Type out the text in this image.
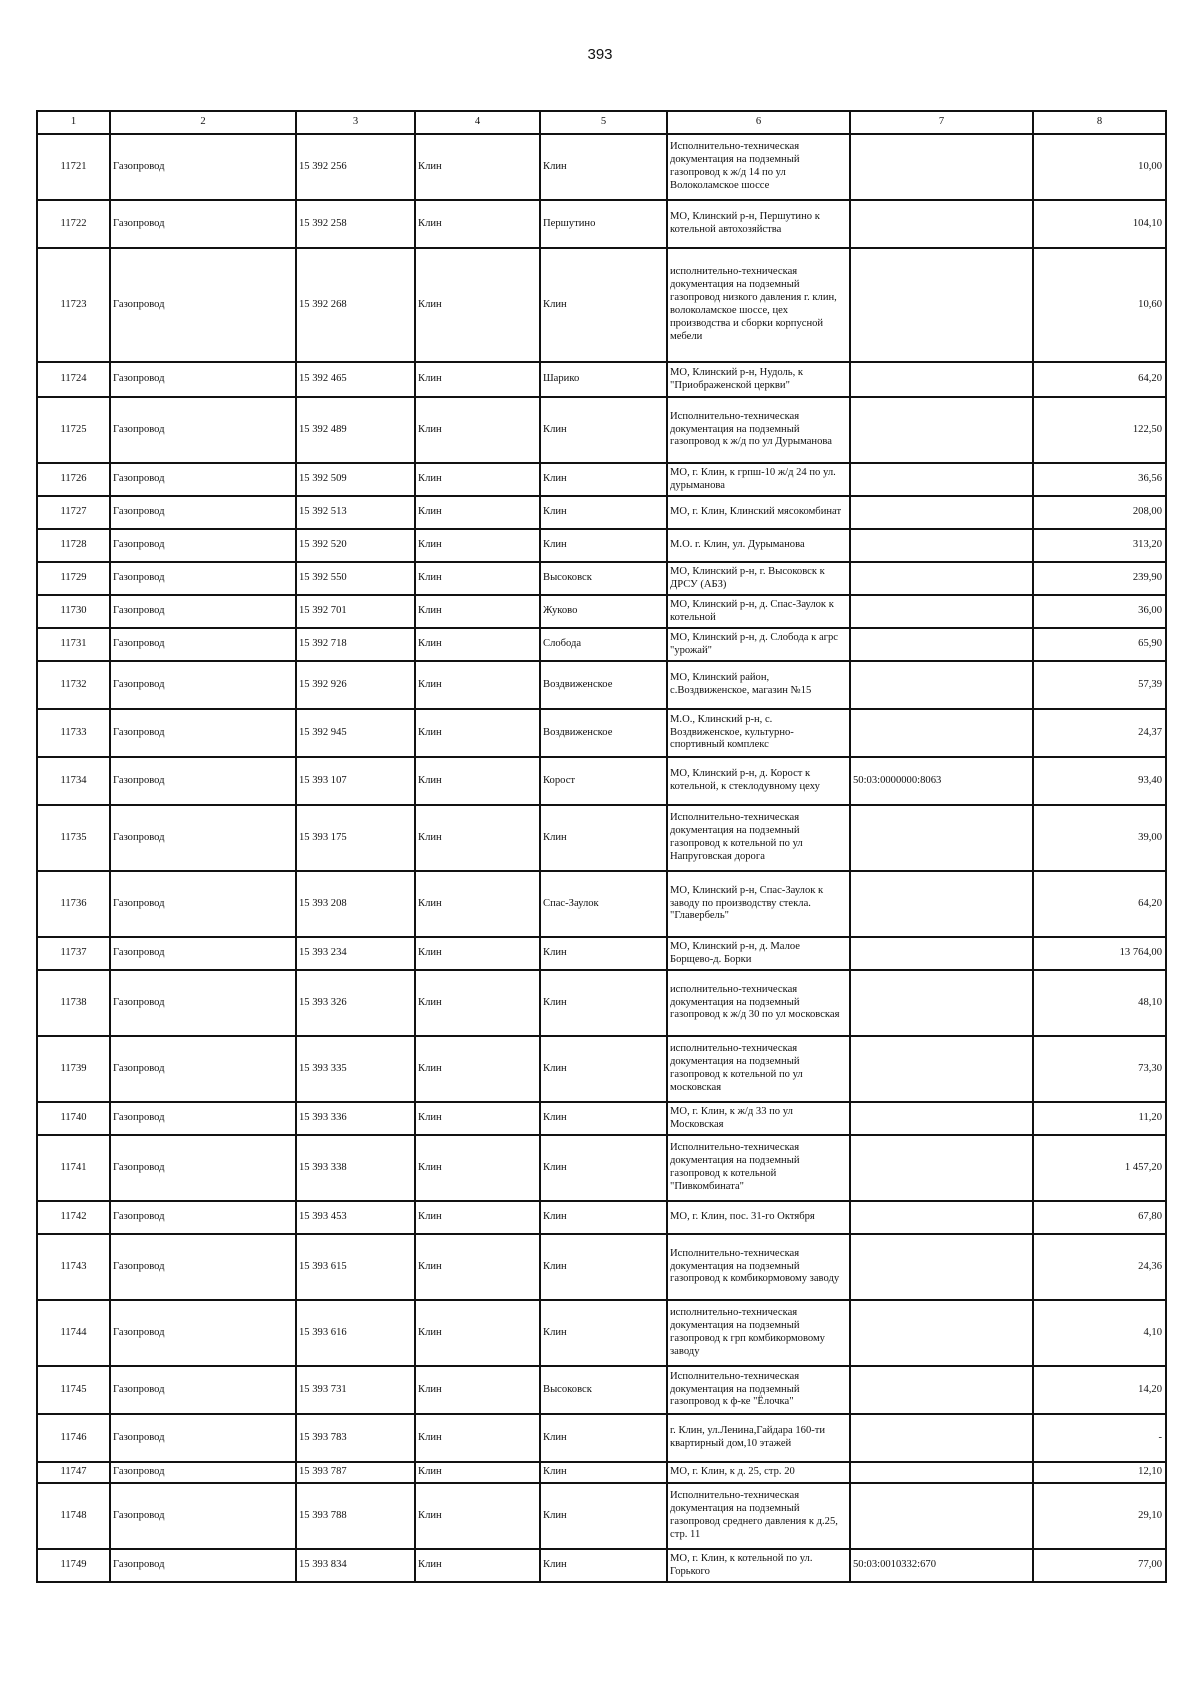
393
1	2	3	4	5	6	7	8
11721	Газопровод	15 392 256	Клин	Клин	Исполнительно-техническая документация на подземный газопровод к ж/д 14 по ул Волоколамское шоссе		10,00
11722	Газопровод	15 392 258	Клин	Першутино	МО, Клинский р-н, Першутино к котельной автохозяйства		104,10
11723	Газопровод	15 392 268	Клин	Клин	исполнительно-техническая документация на подземный газопровод низкого давления г. клин, волоколамское шоссе, цех производства и сборки корпусной мебели		10,60
11724	Газопровод	15 392 465	Клин	Шарико	МО, Клинский р-н, Нудоль, к "Приображенской церкви"		64,20
11725	Газопровод	15 392 489	Клин	Клин	Исполнительно-техническая документация на подземный газопровод к ж/д по ул Дурыманова		122,50
11726	Газопровод	15 392 509	Клин	Клин	МО, г. Клин, к грпш-10 ж/д 24 по ул. дурыманова		36,56
11727	Газопровод	15 392 513	Клин	Клин	МО, г. Клин, Клинский мясокомбинат		208,00
11728	Газопровод	15 392 520	Клин	Клин	М.О. г. Клин, ул. Дурыманова		313,20
11729	Газопровод	15 392 550	Клин	Высоковск	МО, Клинский р-н, г. Высоковск к ДРСУ (АБЗ)		239,90
11730	Газопровод	15 392 701	Клин	Жуково	МО, Клинский р-н, д. Спас-Заулок к котельной		36,00
11731	Газопровод	15 392 718	Клин	Слобода	МО, Клинский р-н, д. Слобода к агрс "урожай"		65,90
11732	Газопровод	15 392 926	Клин	Воздвиженское	МО, Клинский район, с.Воздвиженское, магазин №15		57,39
11733	Газопровод	15 392 945	Клин	Воздвиженское	М.О., Клинский р-н, с. Воздвиженское, культурно-спортивный комплекс		24,37
11734	Газопровод	15 393 107	Клин	Корост	МО, Клинский р-н, д. Корост к котельной, к стеклодувному цеху	50:03:0000000:8063	93,40
11735	Газопровод	15 393 175	Клин	Клин	Исполнительно-техническая документация на подземный газопровод к котельной по ул Напруговская дорога		39,00
11736	Газопровод	15 393 208	Клин	Спас-Заулок	МО, Клинский р-н, Спас-Заулок к заводу по производству стекла. "Главербель"		64,20
11737	Газопровод	15 393 234	Клин	Клин	МО, Клинский р-н, д. Малое Борщево-д. Борки		13 764,00
11738	Газопровод	15 393 326	Клин	Клин	исполнительно-техническая документация на подземный газопровод к ж/д 30 по ул московская		48,10
11739	Газопровод	15 393 335	Клин	Клин	исполнительно-техническая документация на подземный газопровод к котельной по ул московская		73,30
11740	Газопровод	15 393 336	Клин	Клин	МО, г. Клин, к ж/д 33 по ул Московская		11,20
11741	Газопровод	15 393 338	Клин	Клин	Исполнительно-техническая документация на подземный газопровод к котельной "Пивкомбината"		1 457,20
11742	Газопровод	15 393 453	Клин	Клин	МО, г. Клин, пос. 31-го Октября		67,80
11743	Газопровод	15 393 615	Клин	Клин	Исполнительно-техническая документация на подземный газопровод к комбикормовому заводу		24,36
11744	Газопровод	15 393 616	Клин	Клин	исполнительно-техническая документация на подземный газопровод к грп комбикормовому заводу		4,10
11745	Газопровод	15 393 731	Клин	Высоковск	Исполнительно-техническая документация на подземный газопровод к ф-ке "Ёлочка"		14,20
11746	Газопровод	15 393 783	Клин	Клин	г. Клин, ул.Ленина,Гайдара 160-ти квартирный дом,10 этажей		-
11747	Газопровод	15 393 787	Клин	Клин	МО, г. Клин, к д. 25, стр. 20		12,10
11748	Газопровод	15 393 788	Клин	Клин	Исполнительно-техническая документация на подземный газопровод среднего давления к д.25, стр. 11		29,10
11749	Газопровод	15 393 834	Клин	Клин	МО, г. Клин, к котельной по ул. Горького	50:03:0010332:670	77,00
